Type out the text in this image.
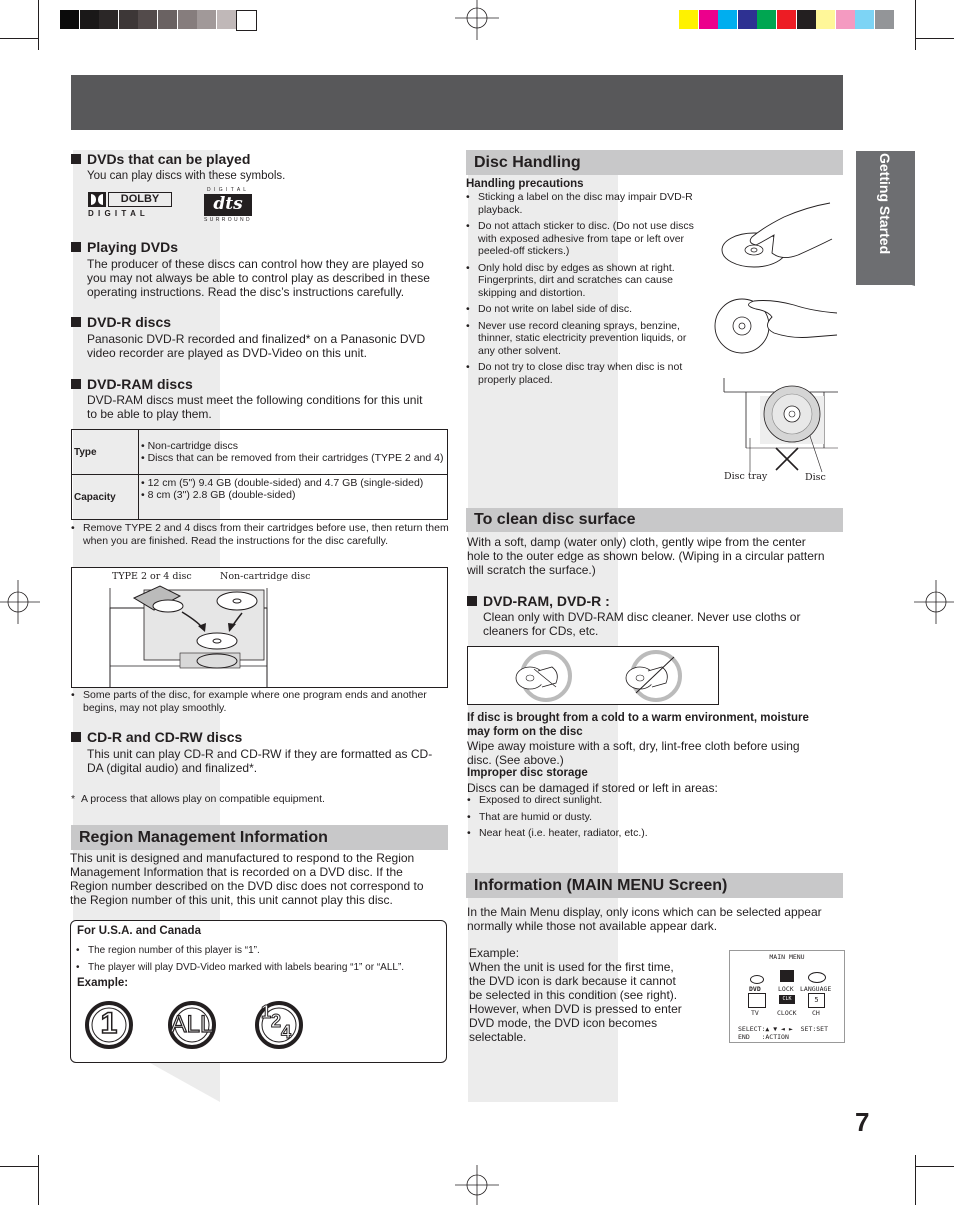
Getting Started
DVDs that can be played
You can play discs with these symbols.
DOLBY
D I G I T A L
D I G I T A L
dts
S U R R O U N D
Playing DVDs
The producer of these discs can control how they are played so
you may not always be able to control play as described in these
operating instructions. Read the disc’s instructions carefully.
DVD-R discs
Panasonic DVD-R recorded and finalized* on a Panasonic DVD
video recorder are played as DVD-Video on this unit.
DVD-RAM discs
DVD-RAM discs must meet the following conditions for this unit
to be able to play them.
Type	• Non-cartridge discs
• Discs that can be removed from their cartridges (TYPE 2 and 4)

Capacity	• 12 cm (5") 9.4 GB (double-sided) and 4.7 GB (single-sided)
• 8 cm (3") 2.8 GB (double-sided)
• Remove TYPE 2 and 4 discs from their cartridges before use, then return them when you are finished. Read the instructions for the disc carefully.
TYPE 2 or 4 disc	Non-cartridge disc
• Some parts of the disc, for example where one program ends and another begins, may not play smoothly.
CD-R and CD-RW discs
This unit can play CD-R and CD-RW if they are formatted as CD-
DA (digital audio) and finalized*.
* A process that allows play on compatible equipment.
Region Management Information
This unit is designed and manufactured to respond to the Region
Management Information that is recorded on a DVD disc. If the
Region number described on the DVD disc does not correspond to
the Region number of this unit, this unit cannot play this disc.
For U.S.A. and Canada
• The region number of this player is “1”.
• The player will play DVD-Video marked with labels bearing “1” or “ALL”.
Example:
1	ALL	1 2
4
Disc Handling
Handling precautions
• Sticking a label on the disc may impair DVD-R playback.
• Do not attach sticker to disc. (Do not use discs with exposed adhesive from tape or left over peeled-off stickers.)
• Only hold disc by edges as shown at right. Fingerprints, dirt and scratches can cause skipping and distortion.
• Do not write on label side of disc.
• Never use record cleaning sprays, benzine, thinner, static electricity prevention liquids, or any other solvent.
• Do not try to close disc tray when disc is not properly placed.
Disc tray	Disc
To clean disc surface
With a soft, damp (water only) cloth, gently wipe from the center
hole to the outer edge as shown below. (Wiping in a circular pattern
will scratch the surface.)
DVD-RAM, DVD-R :
Clean only with DVD-RAM disc cleaner. Never use cloths or
cleaners for CDs, etc.
If disc is brought from a cold to a warm environment, moisture
may form on the disc
Wipe away moisture with a soft, dry, lint-free cloth before using
disc. (See above.)
Improper disc storage
Discs can be damaged if stored or left in areas:
• Exposed to direct sunlight.
• That are humid or dusty.
• Near heat (i.e. heater, radiator, etc.).
Information (MAIN MENU Screen)
In the Main Menu display, only icons which can be selected appear
normally while those not available appear dark.
Example:
When the unit is used for the first time,
the DVD icon is dark because it cannot
be selected in this condition (see right).
However, when DVD is pressed to enter
DVD mode, the DVD icon becomes
selectable.
MAIN MENU
DVD	LOCK LANGUAGE
TV
CLK
CLOCK
5
CH
SELECT:▲ ▼ ◄ ►  SET:SET
END   :ACTION
7
